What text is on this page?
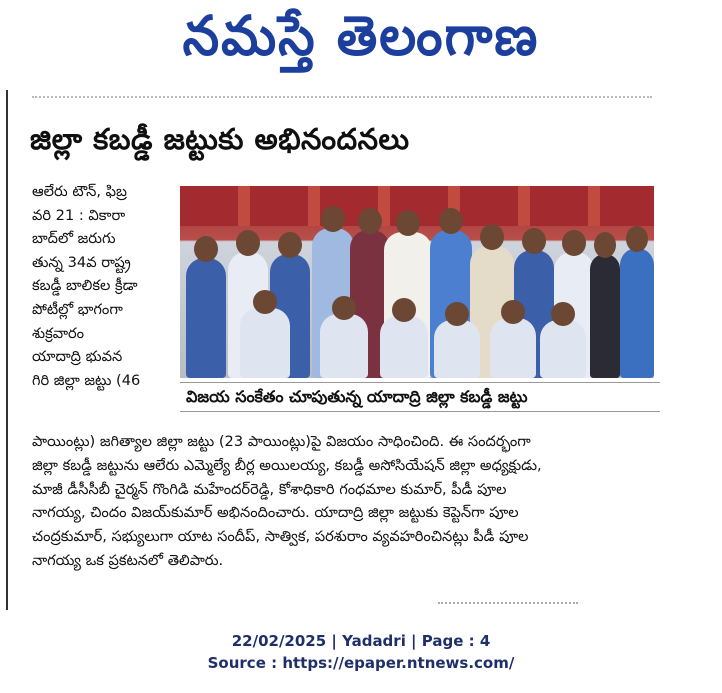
నమస్తే తెలంగాణ
జిల్లా కబడ్డీ జట్టుకు అభినందనలు
ఆలేరు టౌన్, ఫిబ్ర
వరి 21 : వికారా
బాద్‌లో జరుగు
తున్న 34వ రాష్ట్ర
కబడ్డీ బాలికల క్రీడా
పోటీల్లో భాగంగా
శుక్రవారం
యాదాద్రి భువన
గిరి జిల్లా జట్టు (46
విజయ సంకేతం చూపుతున్న యాదాద్రి జిల్లా కబడ్డీ జట్టు
పాయింట్లు) జగిత్యాల జిల్లా జట్టు (23 పాయింట్లు)పై విజయం సాధించింది. ఈ సందర్భంగా
జిల్లా కబడ్డీ జట్టును ఆలేరు ఎమ్మెల్యే బీర్ల అయిలయ్య, కబడ్డీ అసోసియేషన్ జిల్లా అధ్యక్షుడు,
మాజీ డీసీసీబీ చైర్మన్ గొంగిడి మహేందర్‌రెడ్డి, కోశాధికారి గంధమాల కుమార్, పీడీ పూల
నాగయ్య, చిందం విజయ్‌కుమార్ అభినందించారు. యాదాద్రి జిల్లా జట్టుకు కెప్టెన్‌గా పూల
చంద్రకుమార్, సభ్యులుగా యాట సందీప్, సాత్విక, పరశురాం వ్యవహరించినట్లు పీడీ పూల
నాగయ్య ఒక ప్రకటనలో తెలిపారు.
22/02/2025 | Yadadri | Page : 4
Source : https://epaper.ntnews.com/
